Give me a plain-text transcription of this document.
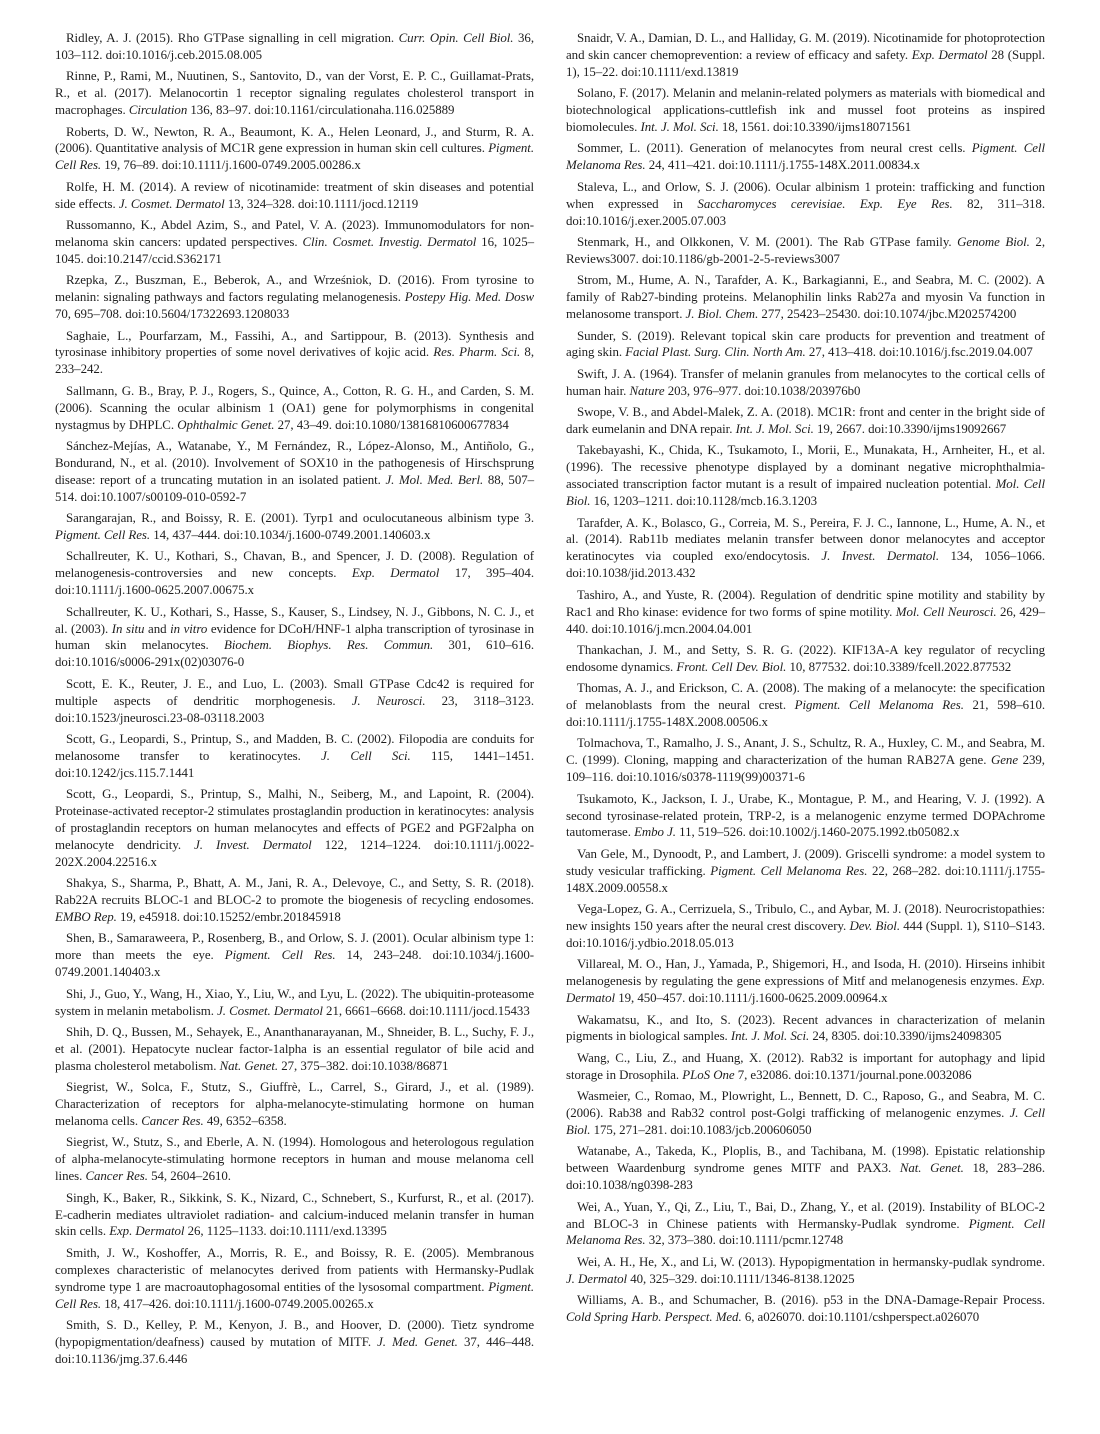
Ridley, A. J. (2015). Rho GTPase signalling in cell migration. Curr. Opin. Cell Biol. 36, 103–112. doi:10.1016/j.ceb.2015.08.005

Rinne, P., Rami, M., Nuutinen, S., Santovito, D., van der Vorst, E. P. C., Guillamat-Prats, R., et al. (2017). Melanocortin 1 receptor signaling regulates cholesterol transport in macrophages. Circulation 136, 83–97. doi:10.1161/circulationaha.116.025889

Roberts, D. W., Newton, R. A., Beaumont, K. A., Helen Leonard, J., and Sturm, R. A. (2006). Quantitative analysis of MC1R gene expression in human skin cell cultures. Pigment. Cell Res. 19, 76–89. doi:10.1111/j.1600-0749.2005.00286.x

Rolfe, H. M. (2014). A review of nicotinamide: treatment of skin diseases and potential side effects. J. Cosmet. Dermatol 13, 324–328. doi:10.1111/jocd.12119

Russomanno, K., Abdel Azim, S., and Patel, V. A. (2023). Immunomodulators for non-melanoma skin cancers: updated perspectives. Clin. Cosmet. Investig. Dermatol 16, 1025–1045. doi:10.2147/ccid.S362171

Rzepka, Z., Buszman, E., Beberok, A., and Wrześniok, D. (2016). From tyrosine to melanin: signaling pathways and factors regulating melanogenesis. Postepy Hig. Med. Dosw 70, 695–708. doi:10.5604/17322693.1208033

Saghaie, L., Pourfarzam, M., Fassihi, A., and Sartippour, B. (2013). Synthesis and tyrosinase inhibitory properties of some novel derivatives of kojic acid. Res. Pharm. Sci. 8, 233–242.

Sallmann, G. B., Bray, P. J., Rogers, S., Quince, A., Cotton, R. G. H., and Carden, S. M. (2006). Scanning the ocular albinism 1 (OA1) gene for polymorphisms in congenital nystagmus by DHPLC. Ophthalmic Genet. 27, 43–49. doi:10.1080/13816810600677834

Sánchez-Mejías, A., Watanabe, Y., M Fernández, R., López-Alonso, M., Antiñolo, G., Bondurand, N., et al. (2010). Involvement of SOX10 in the pathogenesis of Hirschsprung disease: report of a truncating mutation in an isolated patient. J. Mol. Med. Berl. 88, 507–514. doi:10.1007/s00109-010-0592-7

Sarangarajan, R., and Boissy, R. E. (2001). Tyrp1 and oculocutaneous albinism type 3. Pigment. Cell Res. 14, 437–444. doi:10.1034/j.1600-0749.2001.140603.x

Schallreuter, K. U., Kothari, S., Chavan, B., and Spencer, J. D. (2008). Regulation of melanogenesis-controversies and new concepts. Exp. Dermatol 17, 395–404. doi:10.1111/j.1600-0625.2007.00675.x

Schallreuter, K. U., Kothari, S., Hasse, S., Kauser, S., Lindsey, N. J., Gibbons, N. C. J., et al. (2003). In situ and in vitro evidence for DCoH/HNF-1 alpha transcription of tyrosinase in human skin melanocytes. Biochem. Biophys. Res. Commun. 301, 610–616. doi:10.1016/s0006-291x(02)03076-0

Scott, E. K., Reuter, J. E., and Luo, L. (2003). Small GTPase Cdc42 is required for multiple aspects of dendritic morphogenesis. J. Neurosci. 23, 3118–3123. doi:10.1523/jneurosci.23-08-03118.2003

Scott, G., Leopardi, S., Printup, S., and Madden, B. C. (2002). Filopodia are conduits for melanosome transfer to keratinocytes. J. Cell Sci. 115, 1441–1451. doi:10.1242/jcs.115.7.1441

Scott, G., Leopardi, S., Printup, S., Malhi, N., Seiberg, M., and Lapoint, R. (2004). Proteinase-activated receptor-2 stimulates prostaglandin production in keratinocytes: analysis of prostaglandin receptors on human melanocytes and effects of PGE2 and PGF2alpha on melanocyte dendricity. J. Invest. Dermatol 122, 1214–1224. doi:10.1111/j.0022-202X.2004.22516.x

Shakya, S., Sharma, P., Bhatt, A. M., Jani, R. A., Delevoye, C., and Setty, S. R. (2018). Rab22A recruits BLOC-1 and BLOC-2 to promote the biogenesis of recycling endosomes. EMBO Rep. 19, e45918. doi:10.15252/embr.201845918

Shen, B., Samaraweera, P., Rosenberg, B., and Orlow, S. J. (2001). Ocular albinism type 1: more than meets the eye. Pigment. Cell Res. 14, 243–248. doi:10.1034/j.1600-0749.2001.140403.x

Shi, J., Guo, Y., Wang, H., Xiao, Y., Liu, W., and Lyu, L. (2022). The ubiquitin-proteasome system in melanin metabolism. J. Cosmet. Dermatol 21, 6661–6668. doi:10.1111/jocd.15433

Shih, D. Q., Bussen, M., Sehayek, E., Ananthanarayanan, M., Shneider, B. L., Suchy, F. J., et al. (2001). Hepatocyte nuclear factor-1alpha is an essential regulator of bile acid and plasma cholesterol metabolism. Nat. Genet. 27, 375–382. doi:10.1038/86871

Siegrist, W., Solca, F., Stutz, S., Giuffrè, L., Carrel, S., Girard, J., et al. (1989). Characterization of receptors for alpha-melanocyte-stimulating hormone on human melanoma cells. Cancer Res. 49, 6352–6358.

Siegrist, W., Stutz, S., and Eberle, A. N. (1994). Homologous and heterologous regulation of alpha-melanocyte-stimulating hormone receptors in human and mouse melanoma cell lines. Cancer Res. 54, 2604–2610.

Singh, K., Baker, R., Sikkink, S. K., Nizard, C., Schnebert, S., Kurfurst, R., et al. (2017). E-cadherin mediates ultraviolet radiation- and calcium-induced melanin transfer in human skin cells. Exp. Dermatol 26, 1125–1133. doi:10.1111/exd.13395

Smith, J. W., Koshoffer, A., Morris, R. E., and Boissy, R. E. (2005). Membranous complexes characteristic of melanocytes derived from patients with Hermansky-Pudlak syndrome type 1 are macroautophagosomal entities of the lysosomal compartment. Pigment. Cell Res. 18, 417–426. doi:10.1111/j.1600-0749.2005.00265.x

Smith, S. D., Kelley, P. M., Kenyon, J. B., and Hoover, D. (2000). Tietz syndrome (hypopigmentation/deafness) caused by mutation of MITF. J. Med. Genet. 37, 446–448. doi:10.1136/jmg.37.6.446

Snaidr, V. A., Damian, D. L., and Halliday, G. M. (2019). Nicotinamide for photoprotection and skin cancer chemoprevention: a review of efficacy and safety. Exp. Dermatol 28 (Suppl. 1), 15–22. doi:10.1111/exd.13819

Solano, F. (2017). Melanin and melanin-related polymers as materials with biomedical and biotechnological applications-cuttlefish ink and mussel foot proteins as inspired biomolecules. Int. J. Mol. Sci. 18, 1561. doi:10.3390/ijms18071561

Sommer, L. (2011). Generation of melanocytes from neural crest cells. Pigment. Cell Melanoma Res. 24, 411–421. doi:10.1111/j.1755-148X.2011.00834.x

Staleva, L., and Orlow, S. J. (2006). Ocular albinism 1 protein: trafficking and function when expressed in Saccharomyces cerevisiae. Exp. Eye Res. 82, 311–318. doi:10.1016/j.exer.2005.07.003

Stenmark, H., and Olkkonen, V. M. (2001). The Rab GTPase family. Genome Biol. 2, Reviews3007. doi:10.1186/gb-2001-2-5-reviews3007

Strom, M., Hume, A. N., Tarafder, A. K., Barkagianni, E., and Seabra, M. C. (2002). A family of Rab27-binding proteins. Melanophilin links Rab27a and myosin Va function in melanosome transport. J. Biol. Chem. 277, 25423–25430. doi:10.1074/jbc.M202574200

Sunder, S. (2019). Relevant topical skin care products for prevention and treatment of aging skin. Facial Plast. Surg. Clin. North Am. 27, 413–418. doi:10.1016/j.fsc.2019.04.007

Swift, J. A. (1964). Transfer of melanin granules from melanocytes to the cortical cells of human hair. Nature 203, 976–977. doi:10.1038/203976b0

Swope, V. B., and Abdel-Malek, Z. A. (2018). MC1R: front and center in the bright side of dark eumelanin and DNA repair. Int. J. Mol. Sci. 19, 2667. doi:10.3390/ijms19092667

Takebayashi, K., Chida, K., Tsukamoto, I., Morii, E., Munakata, H., Arnheiter, H., et al. (1996). The recessive phenotype displayed by a dominant negative microphthalmia-associated transcription factor mutant is a result of impaired nucleation potential. Mol. Cell Biol. 16, 1203–1211. doi:10.1128/mcb.16.3.1203

Tarafder, A. K., Bolasco, G., Correia, M. S., Pereira, F. J. C., Iannone, L., Hume, A. N., et al. (2014). Rab11b mediates melanin transfer between donor melanocytes and acceptor keratinocytes via coupled exo/endocytosis. J. Invest. Dermatol. 134, 1056–1066. doi:10.1038/jid.2013.432

Tashiro, A., and Yuste, R. (2004). Regulation of dendritic spine motility and stability by Rac1 and Rho kinase: evidence for two forms of spine motility. Mol. Cell Neurosci. 26, 429–440. doi:10.1016/j.mcn.2004.04.001

Thankachan, J. M., and Setty, S. R. G. (2022). KIF13A-A key regulator of recycling endosome dynamics. Front. Cell Dev. Biol. 10, 877532. doi:10.3389/fcell.2022.877532

Thomas, A. J., and Erickson, C. A. (2008). The making of a melanocyte: the specification of melanoblasts from the neural crest. Pigment. Cell Melanoma Res. 21, 598–610. doi:10.1111/j.1755-148X.2008.00506.x

Tolmachova, T., Ramalho, J. S., Anant, J. S., Schultz, R. A., Huxley, C. M., and Seabra, M. C. (1999). Cloning, mapping and characterization of the human RAB27A gene. Gene 239, 109–116. doi:10.1016/s0378-1119(99)00371-6

Tsukamoto, K., Jackson, I. J., Urabe, K., Montague, P. M., and Hearing, V. J. (1992). A second tyrosinase-related protein, TRP-2, is a melanogenic enzyme termed DOPAchrome tautomerase. Embo J. 11, 519–526. doi:10.1002/j.1460-2075.1992.tb05082.x

Van Gele, M., Dynoodt, P., and Lambert, J. (2009). Griscelli syndrome: a model system to study vesicular trafficking. Pigment. Cell Melanoma Res. 22, 268–282. doi:10.1111/j.1755-148X.2009.00558.x

Vega-Lopez, G. A., Cerrizuela, S., Tribulo, C., and Aybar, M. J. (2018). Neurocristopathies: new insights 150 years after the neural crest discovery. Dev. Biol. 444 (Suppl. 1), S110–S143. doi:10.1016/j.ydbio.2018.05.013

Villareal, M. O., Han, J., Yamada, P., Shigemori, H., and Isoda, H. (2010). Hirseins inhibit melanogenesis by regulating the gene expressions of Mitf and melanogenesis enzymes. Exp. Dermatol 19, 450–457. doi:10.1111/j.1600-0625.2009.00964.x

Wakamatsu, K., and Ito, S. (2023). Recent advances in characterization of melanin pigments in biological samples. Int. J. Mol. Sci. 24, 8305. doi:10.3390/ijms24098305

Wang, C., Liu, Z., and Huang, X. (2012). Rab32 is important for autophagy and lipid storage in Drosophila. PLoS One 7, e32086. doi:10.1371/journal.pone.0032086

Wasmeier, C., Romao, M., Plowright, L., Bennett, D. C., Raposo, G., and Seabra, M. C. (2006). Rab38 and Rab32 control post-Golgi trafficking of melanogenic enzymes. J. Cell Biol. 175, 271–281. doi:10.1083/jcb.200606050

Watanabe, A., Takeda, K., Ploplis, B., and Tachibana, M. (1998). Epistatic relationship between Waardenburg syndrome genes MITF and PAX3. Nat. Genet. 18, 283–286. doi:10.1038/ng0398-283

Wei, A., Yuan, Y., Qi, Z., Liu, T., Bai, D., Zhang, Y., et al. (2019). Instability of BLOC-2 and BLOC-3 in Chinese patients with Hermansky-Pudlak syndrome. Pigment. Cell Melanoma Res. 32, 373–380. doi:10.1111/pcmr.12748

Wei, A. H., He, X., and Li, W. (2013). Hypopigmentation in hermansky-pudlak syndrome. J. Dermatol 40, 325–329. doi:10.1111/1346-8138.12025

Williams, A. B., and Schumacher, B. (2016). p53 in the DNA-Damage-Repair Process. Cold Spring Harb. Perspect. Med. 6, a026070. doi:10.1101/cshperspect.a026070
